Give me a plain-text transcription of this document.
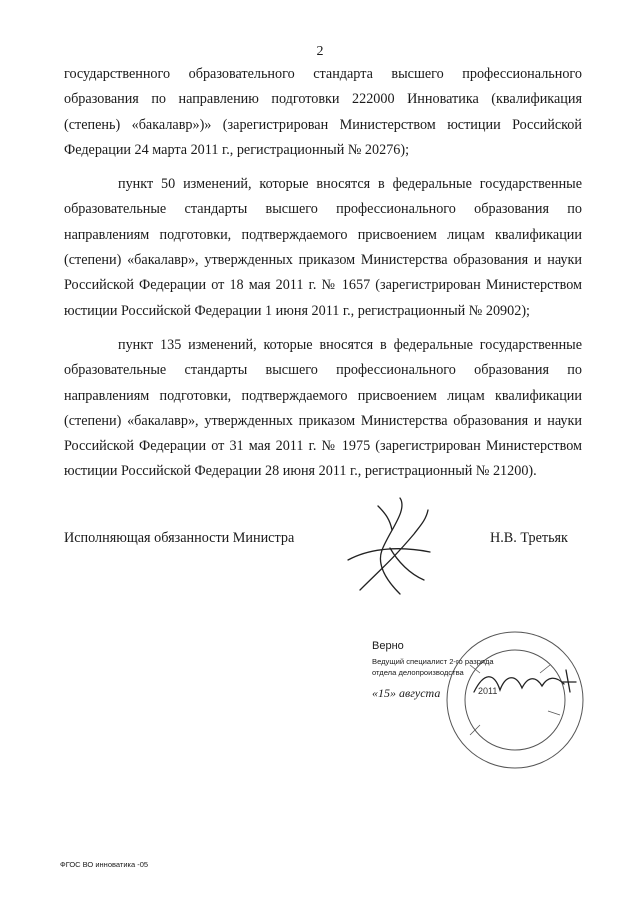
2

государственного образовательного стандарта высшего профессионального образования по направлению подготовки 222000 Инноватика (квалификация (степень) «бакалавр»)» (зарегистрирован Министерством юстиции Российской Федерации 24 марта 2011 г., регистрационный № 20276);

пункт 50 изменений, которые вносятся в федеральные государственные образовательные стандарты высшего профессионального образования по направлениям подготовки, подтверждаемого присвоением лицам квалификации (степени) «бакалавр», утвержденных приказом Министерства образования и науки Российской Федерации от 18 мая 2011 г. № 1657 (зарегистрирован Министерством юстиции Российской Федерации 1 июня 2011 г., регистрационный № 20902);

пункт 135 изменений, которые вносятся в федеральные государственные образовательные стандарты высшего профессионального образования по направлениям подготовки, подтверждаемого присвоением лицам квалификации (степени) «бакалавр», утвержденных приказом Министерства образования и науки Российской Федерации от 31 мая 2011 г. № 1975 (зарегистрирован Министерством юстиции Российской Федерации 28 июня 2011 г., регистрационный № 21200).

Исполняющая обязанности Министра	Н.В. Третьяк
Верно
Ведущий специалист 2-го разряда отдела делопроизводства
«15» августа	2011
ФГОС ВО инноватика -05
